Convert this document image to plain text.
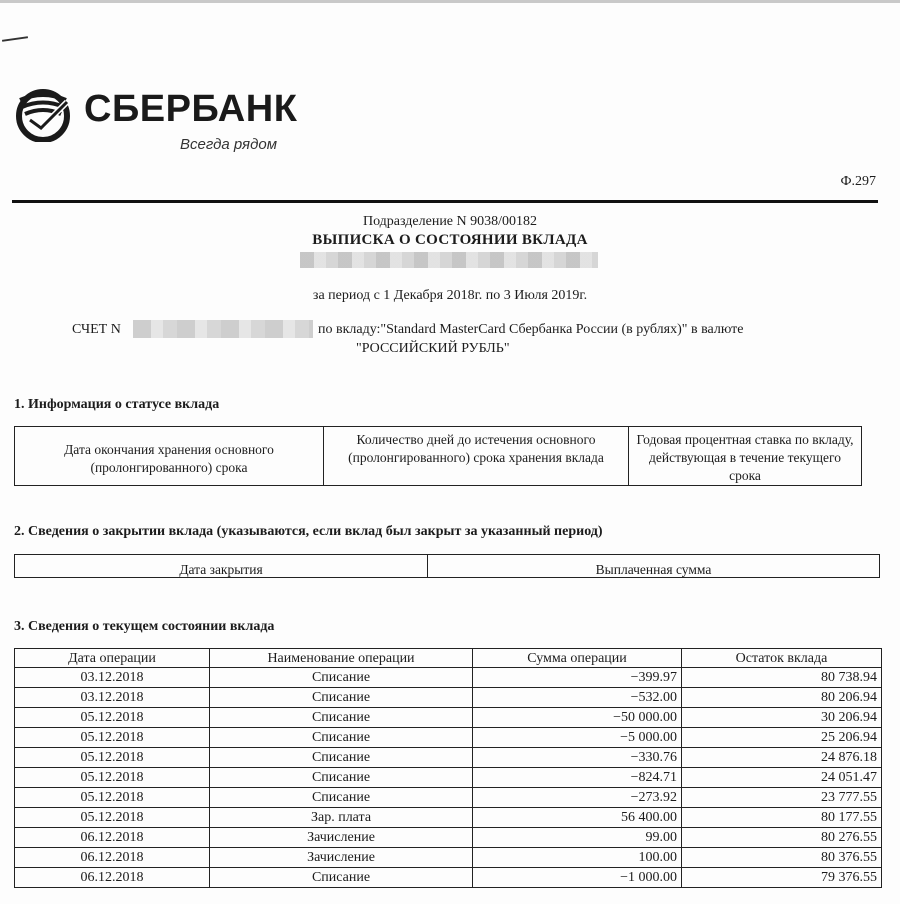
СБЕРБАНК
Всегда рядом
Ф.297
Подразделение N 9038/00182
ВЫПИСКА О СОСТОЯНИИ ВКЛАДА
за период с 1 Декабря 2018г. по 3 Июля 2019г.
СЧЕТ N	по вкладу:"Standard MasterCard Сбербанка России (в рублях)" в валюте
"РОССИЙСКИЙ РУБЛЬ"
1. Информация о статусе вклада
Дата окончания хранения основного (пролонгированного) срока	Количество дней до истечения основного (пролонгированного) срока хранения вклада	Годовая процентная ставка по вкладу, действующая в течение текущего срока
2. Сведения о закрытии вклада (указываются, если вклад был закрыт за указанный период)
Дата закрытия	Выплаченная сумма
3. Сведения о текущем состоянии вклада
Дата операции	Наименование операции	Сумма операции	Остаток вклада
03.12.2018	Списание	−399.97	80 738.94
03.12.2018	Списание	−532.00	80 206.94
05.12.2018	Списание	−50 000.00	30 206.94
05.12.2018	Списание	−5 000.00	25 206.94
05.12.2018	Списание	−330.76	24 876.18
05.12.2018	Списание	−824.71	24 051.47
05.12.2018	Списание	−273.92	23 777.55
05.12.2018	Зар. плата	56 400.00	80 177.55
06.12.2018	Зачисление	99.00	80 276.55
06.12.2018	Зачисление	100.00	80 376.55
06.12.2018	Списание	−1 000.00	79 376.55
